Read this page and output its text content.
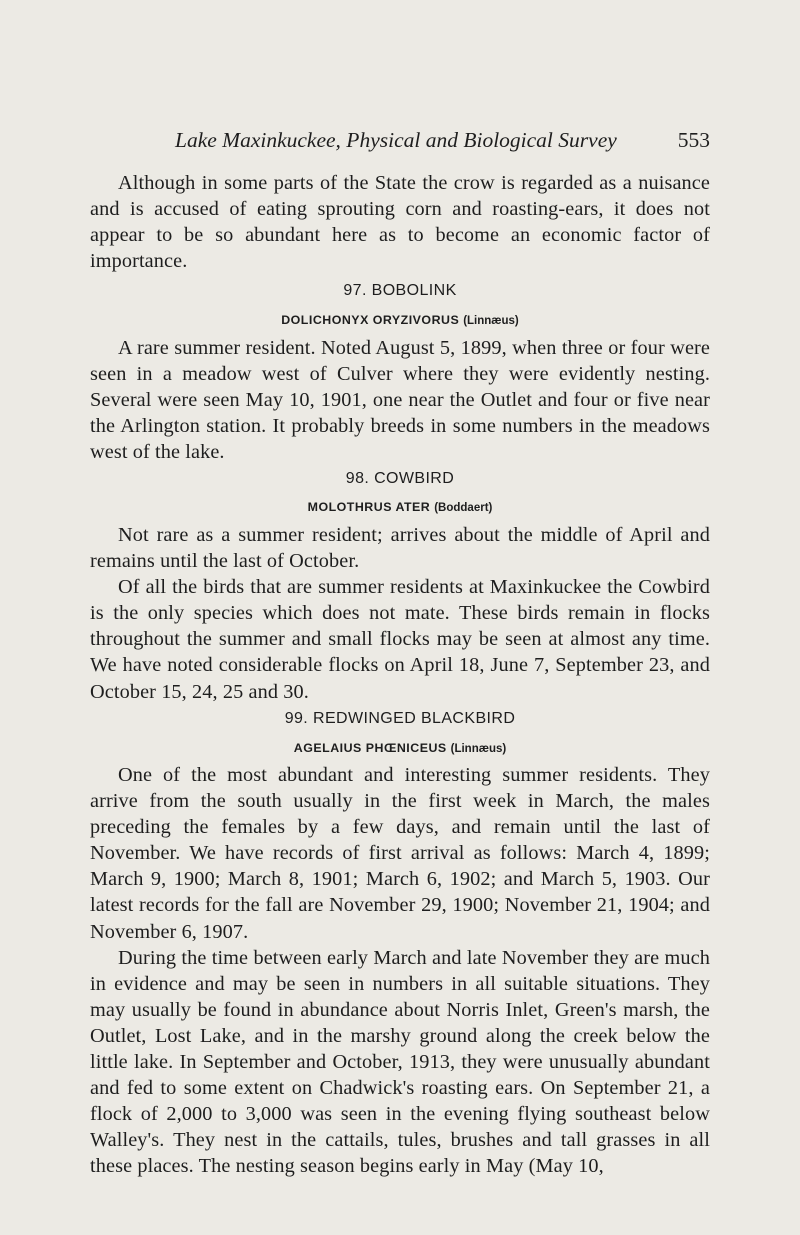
Lake Maxinkuckee, Physical and Biological Survey	553

Although in some parts of the State the crow is regarded as a nuisance and is accused of eating sprouting corn and roasting-ears, it does not appear to be so abundant here as to become an economic factor of importance.

97. BOBOLINK
DOLICHONYX ORYZIVORUS (Linnæus)

A rare summer resident. Noted August 5, 1899, when three or four were seen in a meadow west of Culver where they were evidently nesting. Several were seen May 10, 1901, one near the Outlet and four or five near the Arlington station. It probably breeds in some numbers in the meadows west of the lake.

98. COWBIRD
MOLOTHRUS ATER (Boddaert)

Not rare as a summer resident; arrives about the middle of April and remains until the last of October.

Of all the birds that are summer residents at Maxinkuckee the Cowbird is the only species which does not mate. These birds remain in flocks throughout the summer and small flocks may be seen at almost any time. We have noted considerable flocks on April 18, June 7, September 23, and October 15, 24, 25 and 30.

99. REDWINGED BLACKBIRD
AGELAIUS PHŒNICEUS (Linnæus)

One of the most abundant and interesting summer residents. They arrive from the south usually in the first week in March, the males preceding the females by a few days, and remain until the last of November. We have records of first arrival as follows: March 4, 1899; March 9, 1900; March 8, 1901; March 6, 1902; and March 5, 1903. Our latest records for the fall are November 29, 1900; November 21, 1904; and November 6, 1907.

During the time between early March and late November they are much in evidence and may be seen in numbers in all suitable situations. They may usually be found in abundance about Norris Inlet, Green's marsh, the Outlet, Lost Lake, and in the marshy ground along the creek below the little lake. In September and October, 1913, they were unusually abundant and fed to some extent on Chadwick's roasting ears. On September 21, a flock of 2,000 to 3,000 was seen in the evening flying southeast below Walley's. They nest in the cattails, tules, brushes and tall grasses in all these places. The nesting season begins early in May (May 10,
